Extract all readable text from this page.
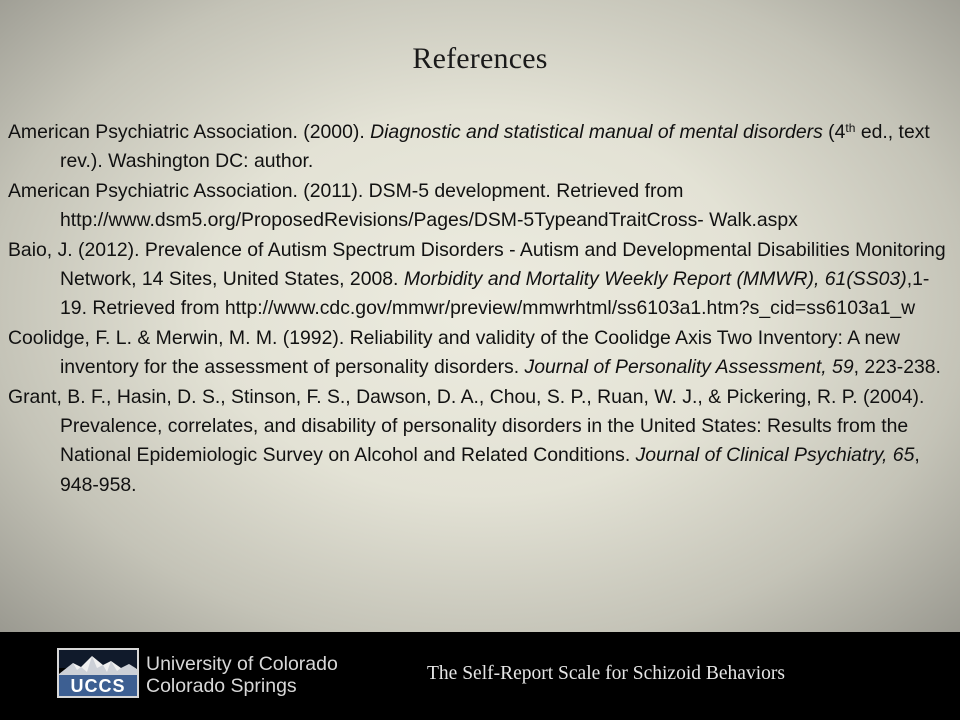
References

American Psychiatric Association. (2000). Diagnostic and statistical manual of mental disorders (4th ed., text rev.). Washington DC: author.

American Psychiatric Association. (2011). DSM-5 development. Retrieved from http://www.dsm5.org/ProposedRevisions/Pages/DSM-5TypeandTraitCross- Walk.aspx

Baio, J. (2012). Prevalence of Autism Spectrum Disorders - Autism and Developmental Disabilities Monitoring Network, 14 Sites, United States, 2008. Morbidity and Mortality Weekly Report (MMWR), 61(SS03),1-19. Retrieved from http://www.cdc.gov/mmwr/preview/mmwrhtml/ss6103a1.htm?s_cid=ss6103a1_w

Coolidge, F. L. & Merwin, M. M. (1992). Reliability and validity of the Coolidge Axis Two Inventory: A new inventory for the assessment of personality disorders. Journal of Personality Assessment, 59, 223-238.

Grant, B. F., Hasin, D. S., Stinson, F. S., Dawson, D. A., Chou, S. P., Ruan, W. J., & Pickering, R. P. (2004). Prevalence, correlates, and disability of personality disorders in the United States: Results from the National Epidemiologic Survey on Alcohol and Related Conditions. Journal of Clinical Psychiatry, 65, 948-958.

UCCS
University of Colorado
Colorado Springs
The Self-Report Scale for Schizoid Behaviors
